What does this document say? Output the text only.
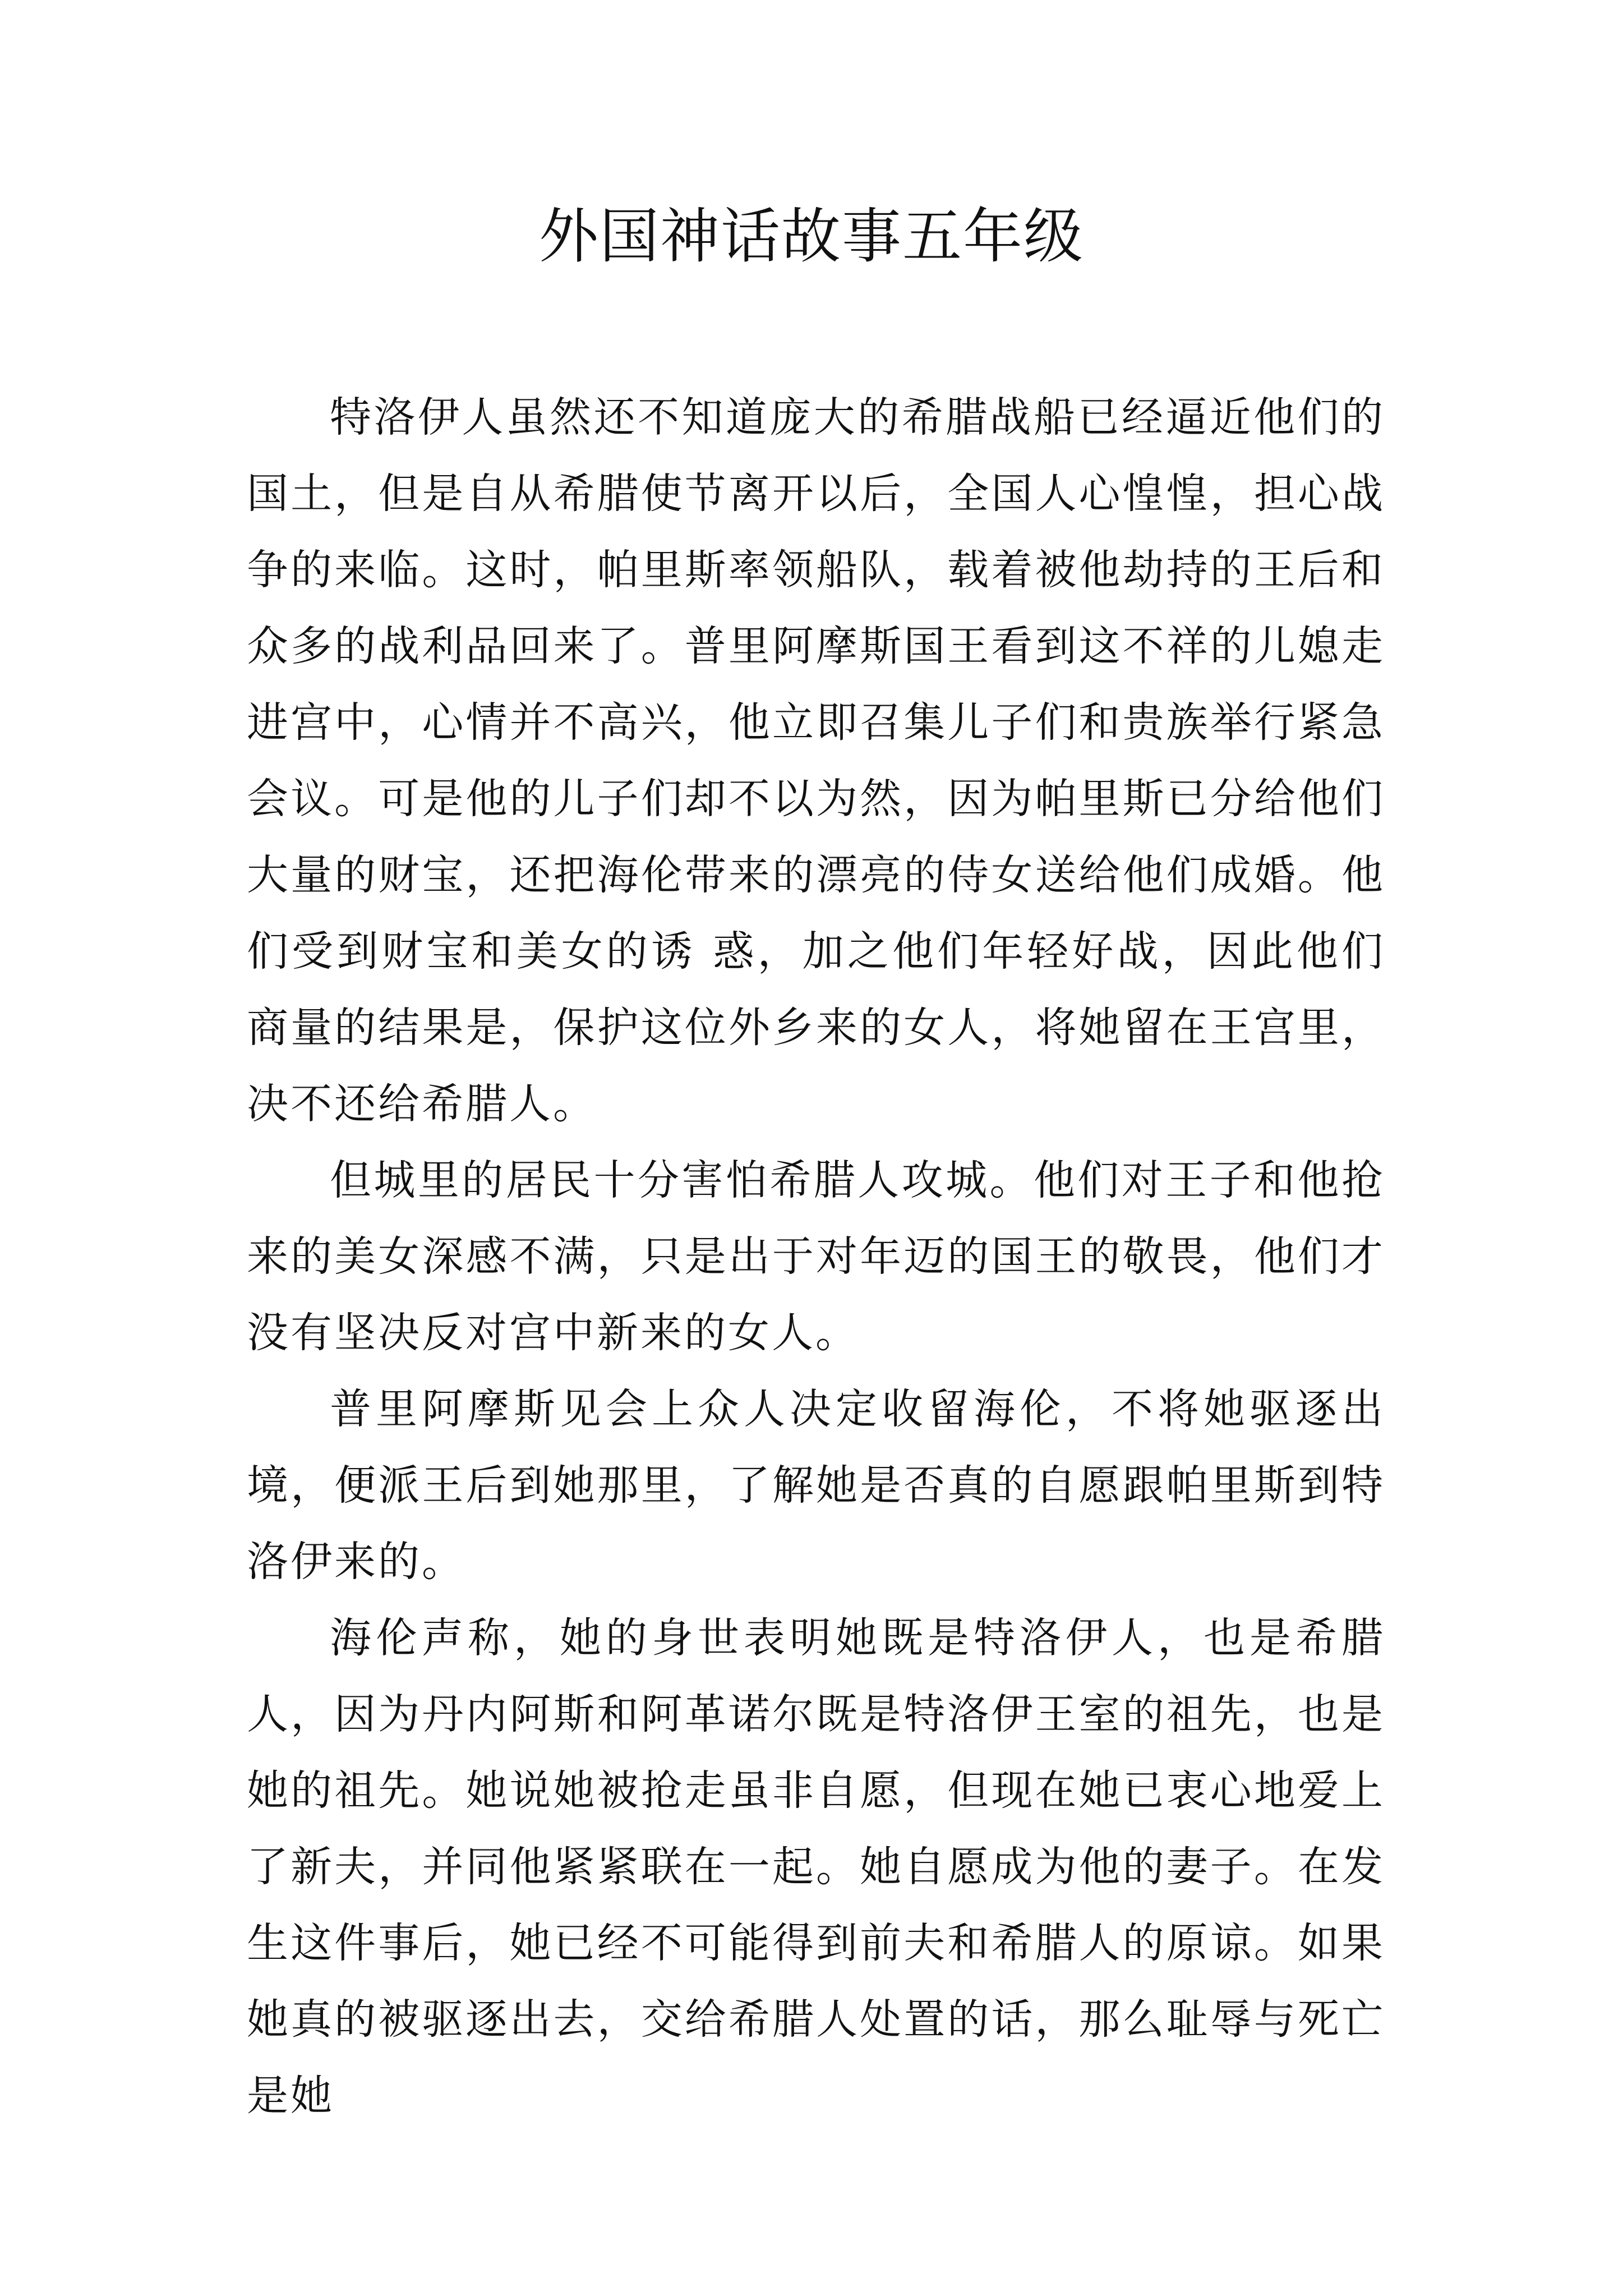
外国神话故事五年级

特洛伊人虽然还不知道庞大的希腊战船已经逼近他们的国土，但是自从希腊使节离开以后，全国人心惶惶，担心战争的来临。这时，帕里斯率领船队，载着被他劫持的王后和众多的战利品回来了。普里阿摩斯国王看到这不祥的儿媳走进宫中，心情并不高兴，他立即召集儿子们和贵族举行紧急会议。可是他的儿子们却不以为然，因为帕里斯已分给他们大量的财宝，还把海伦带来的漂亮的侍女送给他们成婚。他们受到财宝和美女的诱 惑，加之他们年轻好战，因此他们商量的结果是，保护这位外乡来的女人，将她留在王宫里，决不还给希腊人。

但城里的居民十分害怕希腊人攻城。他们对王子和他抢来的美女深感不满，只是出于对年迈的国王的敬畏，他们才没有坚决反对宫中新来的女人。

普里阿摩斯见会上众人决定收留海伦，不将她驱逐出境，便派王后到她那里，了解她是否真的自愿跟帕里斯到特洛伊来的。

海伦声称，她的身世表明她既是特洛伊人，也是希腊人，因为丹内阿斯和阿革诺尔既是特洛伊王室的祖先，也是她的祖先。她说她被抢走虽非自愿，但现在她已衷心地爱上了新夫，并同他紧紧联在一起。她自愿成为他的妻子。在发生这件事后，她已经不可能得到前夫和希腊人的原谅。如果她真的被驱逐出去，交给希腊人处置的话，那么耻辱与死亡是她
